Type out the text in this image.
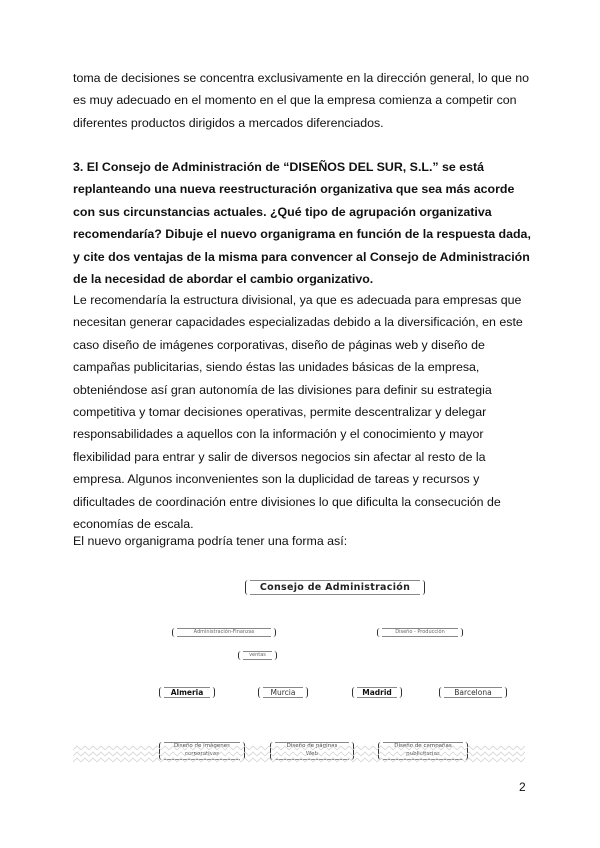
toma de decisiones se concentra exclusivamente en la dirección general, lo que no
es muy adecuado en el momento en el que la empresa comienza a competir con
diferentes productos dirigidos a mercados diferenciados.
3. El Consejo de Administración de “DISEÑOS DEL SUR, S.L.” se está
replanteando una nueva reestructuración organizativa que sea más acorde
con sus circunstancias actuales. ¿Qué tipo de agrupación organizativa
recomendaría? Dibuje el nuevo organigrama en función de la respuesta dada,
y cite dos ventajas de la misma para convencer al Consejo de Administración
de la necesidad de abordar el cambio organizativo.
Le recomendaría la estructura divisional, ya que es adecuada para empresas que
necesitan generar capacidades especializadas debido a la diversificación, en este
caso diseño de imágenes corporativas, diseño de páginas web y diseño de
campañas publicitarias, siendo éstas las unidades básicas de la empresa,
obteniéndose así gran autonomía de las divisiones para definir su estrategia
competitiva y tomar decisiones operativas, permite descentralizar y delegar
responsabilidades a aquellos con la información y el conocimiento y mayor
flexibilidad para entrar y salir de diversos negocios sin afectar al resto de la
empresa. Algunos inconvenientes son la duplicidad de tareas y recursos y
dificultades de coordinación entre divisiones lo que dificulta la consecución de
economías de escala.
El nuevo organigrama podría tener una forma así:
Consejo de Administración
Administración-Finanzas	Diseño - Producción
ventas
Almeria	Murcia	Madrid	Barcelona
2
